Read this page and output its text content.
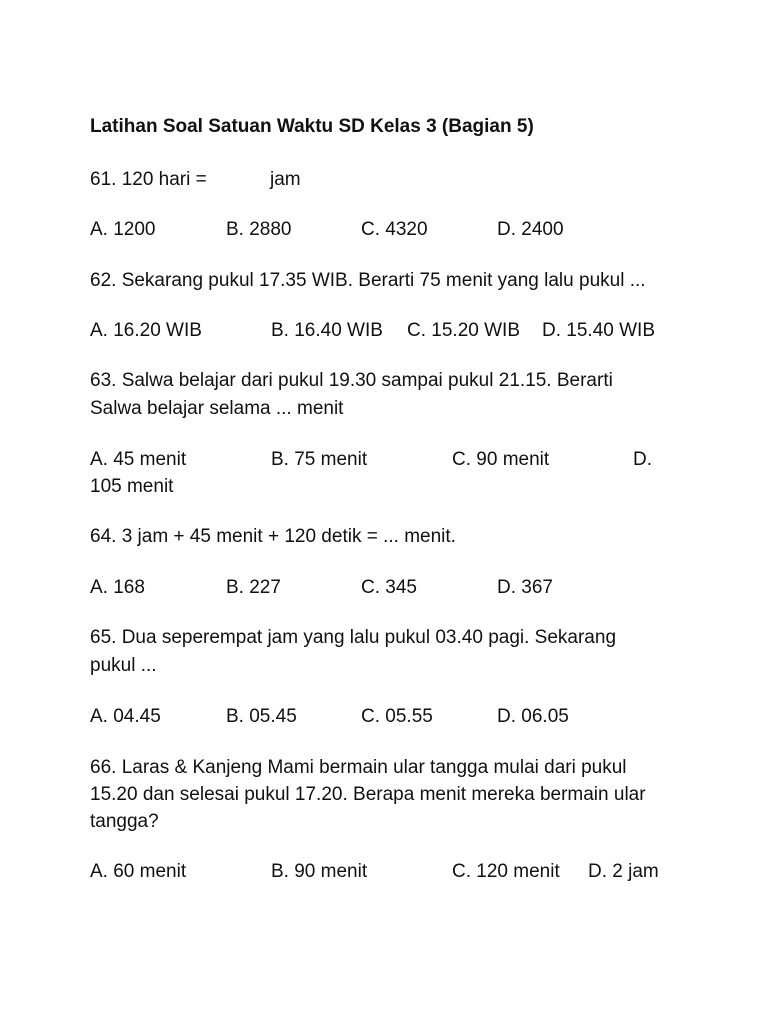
Latihan Soal Satuan Waktu SD Kelas 3 (Bagian 5)
61. 120 hari =	jam
A. 1200	B. 2880	C. 4320	D. 2400
62. Sekarang pukul 17.35 WIB. Berarti 75 menit yang lalu pukul ...
A. 16.20 WIB	B. 16.40 WIB C. 15.20 WIB D. 15.40 WIB
63. Salwa belajar dari pukul 19.30 sampai pukul 21.15. Berarti
Salwa belajar selama ... menit
A. 45 menit	B. 75 menit	C. 90 menit	D.
105 menit
64. 3 jam + 45 menit + 120 detik = ... menit.
A. 168	B. 227	C. 345	D. 367
65. Dua seperempat jam yang lalu pukul 03.40 pagi. Sekarang
pukul ...
A. 04.45	B. 05.45	C. 05.55	D. 06.05
66. Laras & Kanjeng Mami bermain ular tangga mulai dari pukul
15.20 dan selesai pukul 17.20. Berapa menit mereka bermain ular
tangga?
A. 60 menit	B. 90 menit	C. 120 menit D. 2 jam
